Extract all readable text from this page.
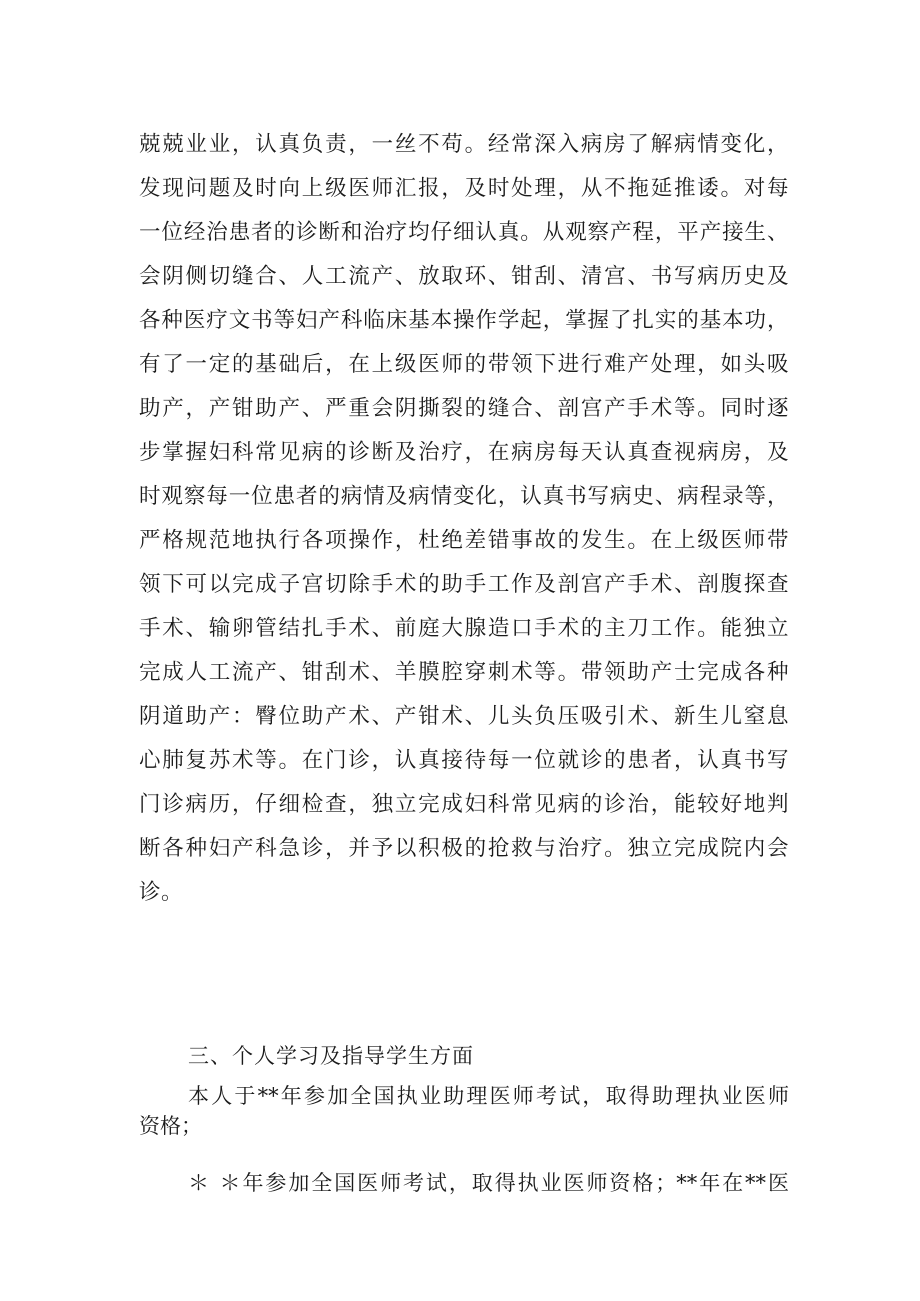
兢兢业业，认真负责，一丝不苟。经常深入病房了解病情变化，
发现问题及时向上级医师汇报，及时处理，从不拖延推诿。对每
一位经治患者的诊断和治疗均仔细认真。从观察产程，平产接生、
会阴侧切缝合、人工流产、放取环、钳刮、清宫、书写病历史及
各种医疗文书等妇产科临床基本操作学起，掌握了扎实的基本功，
有了一定的基础后，在上级医师的带领下进行难产处理，如头吸
助产，产钳助产、严重会阴撕裂的缝合、剖宫产手术等。同时逐
步掌握妇科常见病的诊断及治疗，在病房每天认真查视病房，及
时观察每一位患者的病情及病情变化，认真书写病史、病程录等，
严格规范地执行各项操作，杜绝差错事故的发生。在上级医师带
领下可以完成子宫切除手术的助手工作及剖宫产手术、剖腹探查
手术、输卵管结扎手术、前庭大腺造口手术的主刀工作。能独立
完成人工流产、钳刮术、羊膜腔穿刺术等。带领助产士完成各种
阴道助产：臀位助产术、产钳术、儿头负压吸引术、新生儿窒息
心肺复苏术等。在门诊，认真接待每一位就诊的患者，认真书写
门诊病历，仔细检查，独立完成妇科常见病的诊治，能较好地判
断各种妇产科急诊，并予以积极的抢救与治疗。独立完成院内会
诊。
三、个人学习及指导学生方面
本人于**年参加全国执业助理医师考试，取得助理执业医师
资格；
＊ ＊年参加全国医师考试，取得执业医师资格；**年在**医
